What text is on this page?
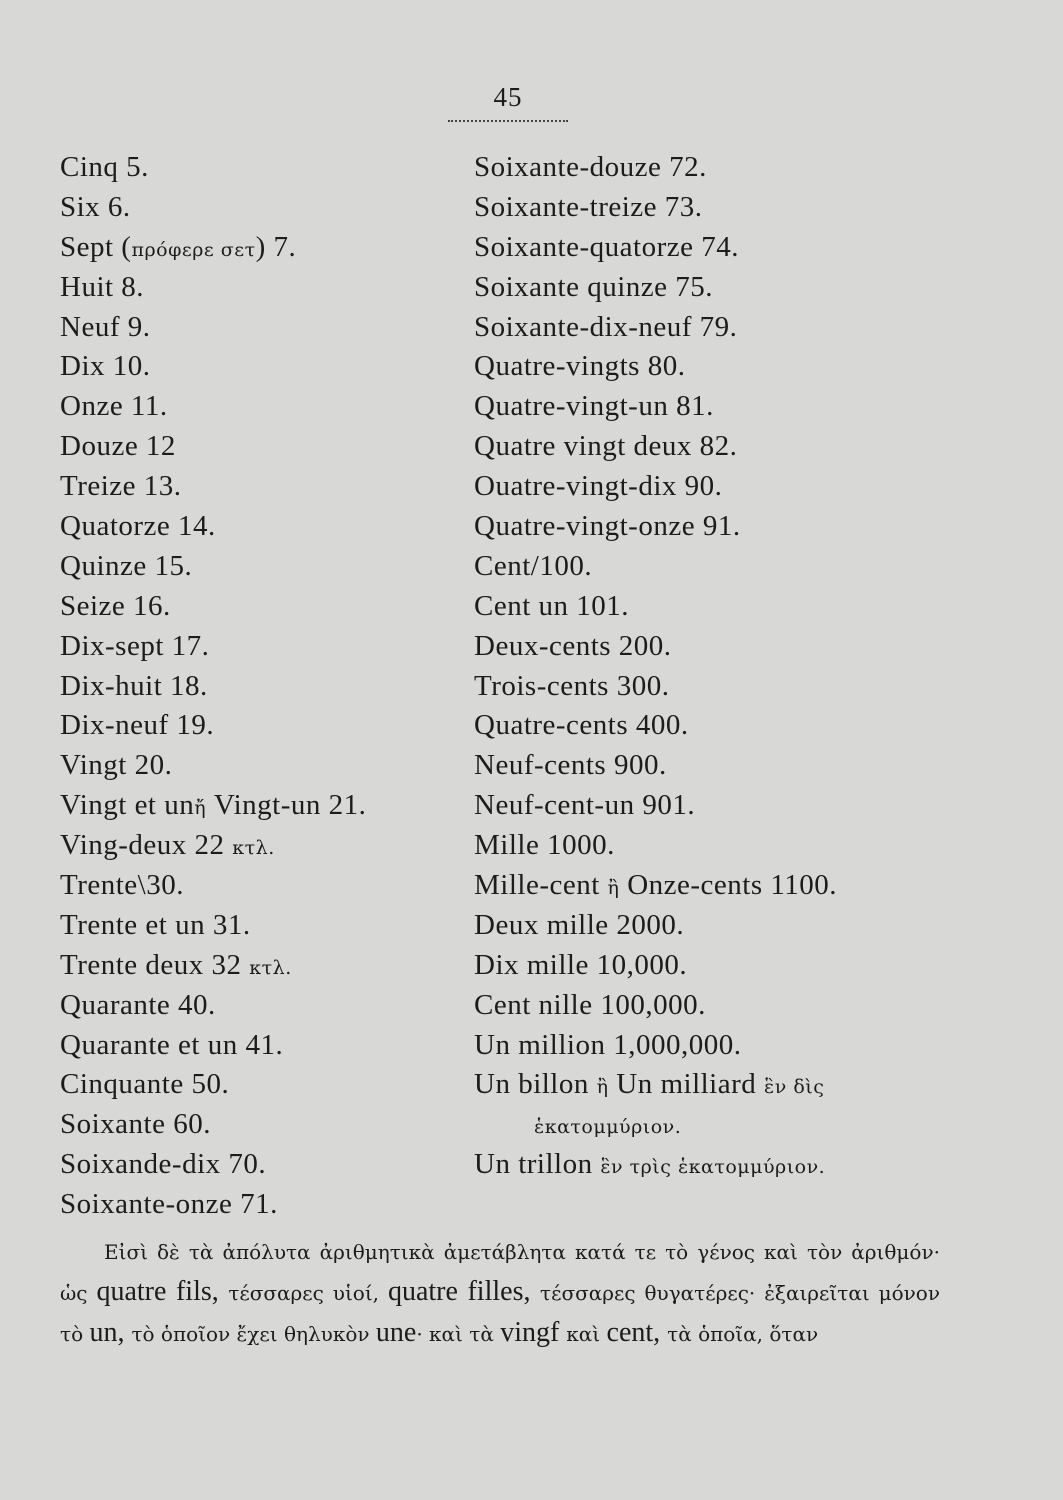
45
Cinq 5.
Six 6.
Sept (πρόφερε σετ) 7.
Huit 8.
Neuf 9.
Dix 10.
Onze 11.
Douze 12
Treize 13.
Quatorze 14.
Quinze 15.
Seize 16.
Dix-sept 17.
Dix-huit 18.
Dix-neuf 19.
Vingt 20.
Vingt et unἤ Vingt-un 21.
Ving-deux 22 κτλ.
Trente\30.
Trente et un 31.
Trente deux 32 κτλ.
Quarante 40.
Quarante et un 41.
Cinquante 50.
Soixante 60.
Soixande-dix 70.
Soixante-onze 71.
Soixante-douze 72.
Soixante-treize 73.
Soixante-quatorze 74.
Soixante quinze 75.
Soixante-dix-neuf 79.
Quatre-vingts 80.
Quatre-vingt-un 81.
Quatre vingt deux 82.
Ouatre-vingt-dix 90.
Quatre-vingt-onze 91.
Cent/100.
Cent un 101.
Deux-cents 200.
Trois-cents 300.
Quatre-cents 400.
Neuf-cents 900.
Neuf-cent-un 901.
Mille 1000.
Mille-cent ἢ Onze-cents 1100.
Deux mille 2000.
Dix mille 10,000.
Cent nille 100,000.
Un million 1,000,000.
Un billon ἢ Un milliard ἓν δὶς
ἑκατομμύριον.
Un trillon ἓν τρὶς ἑκατομμύριον.
Εἰσὶ δὲ τὰ ἀπόλυτα ἀριθμητικὰ ἀμετάβλητα κατά τε τὸ γένος καὶ τὸν ἀριθμόν· ὡς quatre fils, τέσσαρες υἱοί, quatre filles, τέσσαρες θυγατέρες· ἐξαιρεῖται μόνον τὸ un, τὸ ὁποῖον ἔχει θηλυκὸν une· καὶ τὰ vingf καὶ cent, τὰ ὁποῖα, ὅταν
